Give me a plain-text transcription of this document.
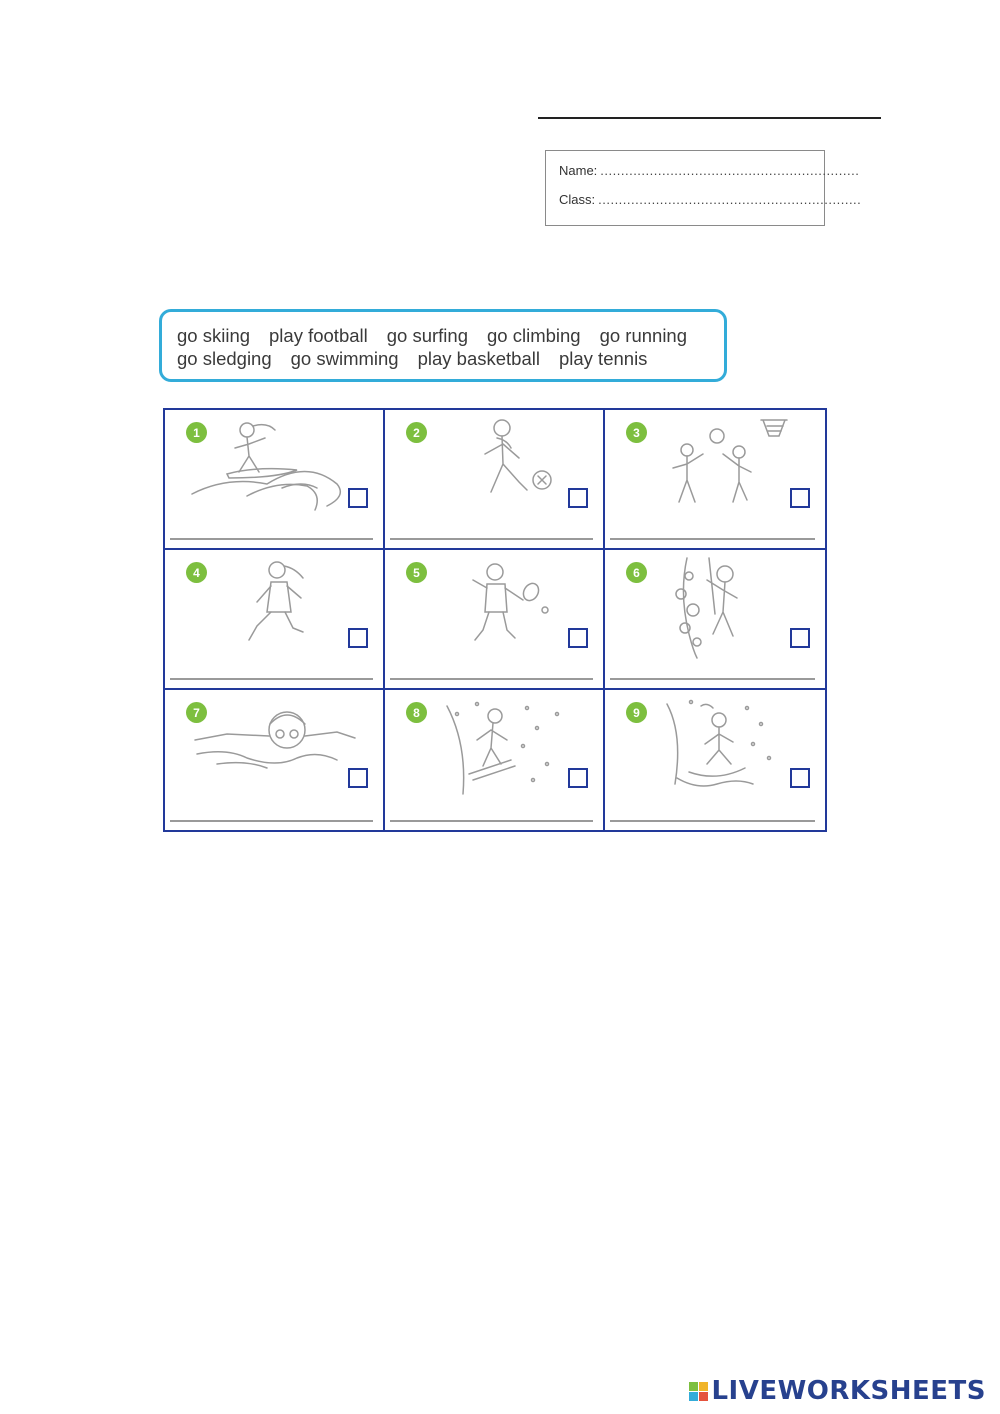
Name: ...............................................................
Class: ................................................................
go skiing play football go surfing go climbing go running
go sledging go swimming play basketball play tennis
1	2	3
4	5	6
7	8	9
LIVEWORKSHEETS
